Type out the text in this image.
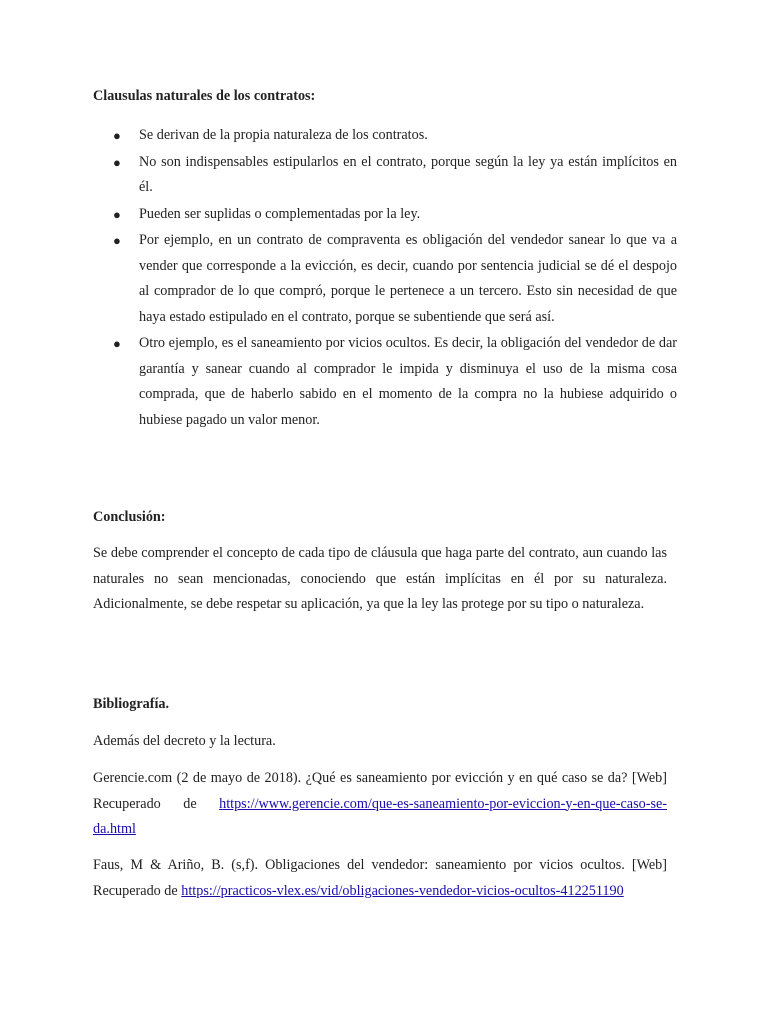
Clausulas naturales de los contratos:
● Se derivan de la propia naturaleza de los contratos.
● No son indispensables estipularlos en el contrato, porque según la ley ya están implícitos en él.
● Pueden ser suplidas o complementadas por la ley.
● Por ejemplo, en un contrato de compraventa es obligación del vendedor sanear lo que va a vender que corresponde a la evicción, es decir, cuando por sentencia judicial se dé el despojo al comprador de lo que compró, porque le pertenece a un tercero. Esto sin necesidad de que haya estado estipulado en el contrato, porque se subentiende que será así.
● Otro ejemplo, es el saneamiento por vicios ocultos. Es decir, la obligación del vendedor de dar garantía y sanear cuando al comprador le impida y disminuya el uso de la misma cosa comprada, que de haberlo sabido en el momento de la compra no la hubiese adquirido o hubiese pagado un valor menor.
Conclusión:

Se debe comprender el concepto de cada tipo de cláusula que haga parte del contrato, aun cuando las naturales no sean mencionadas, conociendo que están implícitas en él por su naturaleza. Adicionalmente, se debe respetar su aplicación, ya que la ley las protege por su tipo o naturaleza.

Bibliografía.

Además del decreto y la lectura.

Gerencie.com (2 de mayo de 2018). ¿Qué es saneamiento por evicción y en qué caso se da? [Web] Recuperado de https://www.gerencie.com/que-es-saneamiento-por-eviccion-y-en-que-caso-se-da.html

Faus, M & Ariño, B. (s,f). Obligaciones del vendedor: saneamiento por vicios ocultos. [Web] Recuperado de https://practicos-vlex.es/vid/obligaciones-vendedor-vicios-ocultos-412251190
